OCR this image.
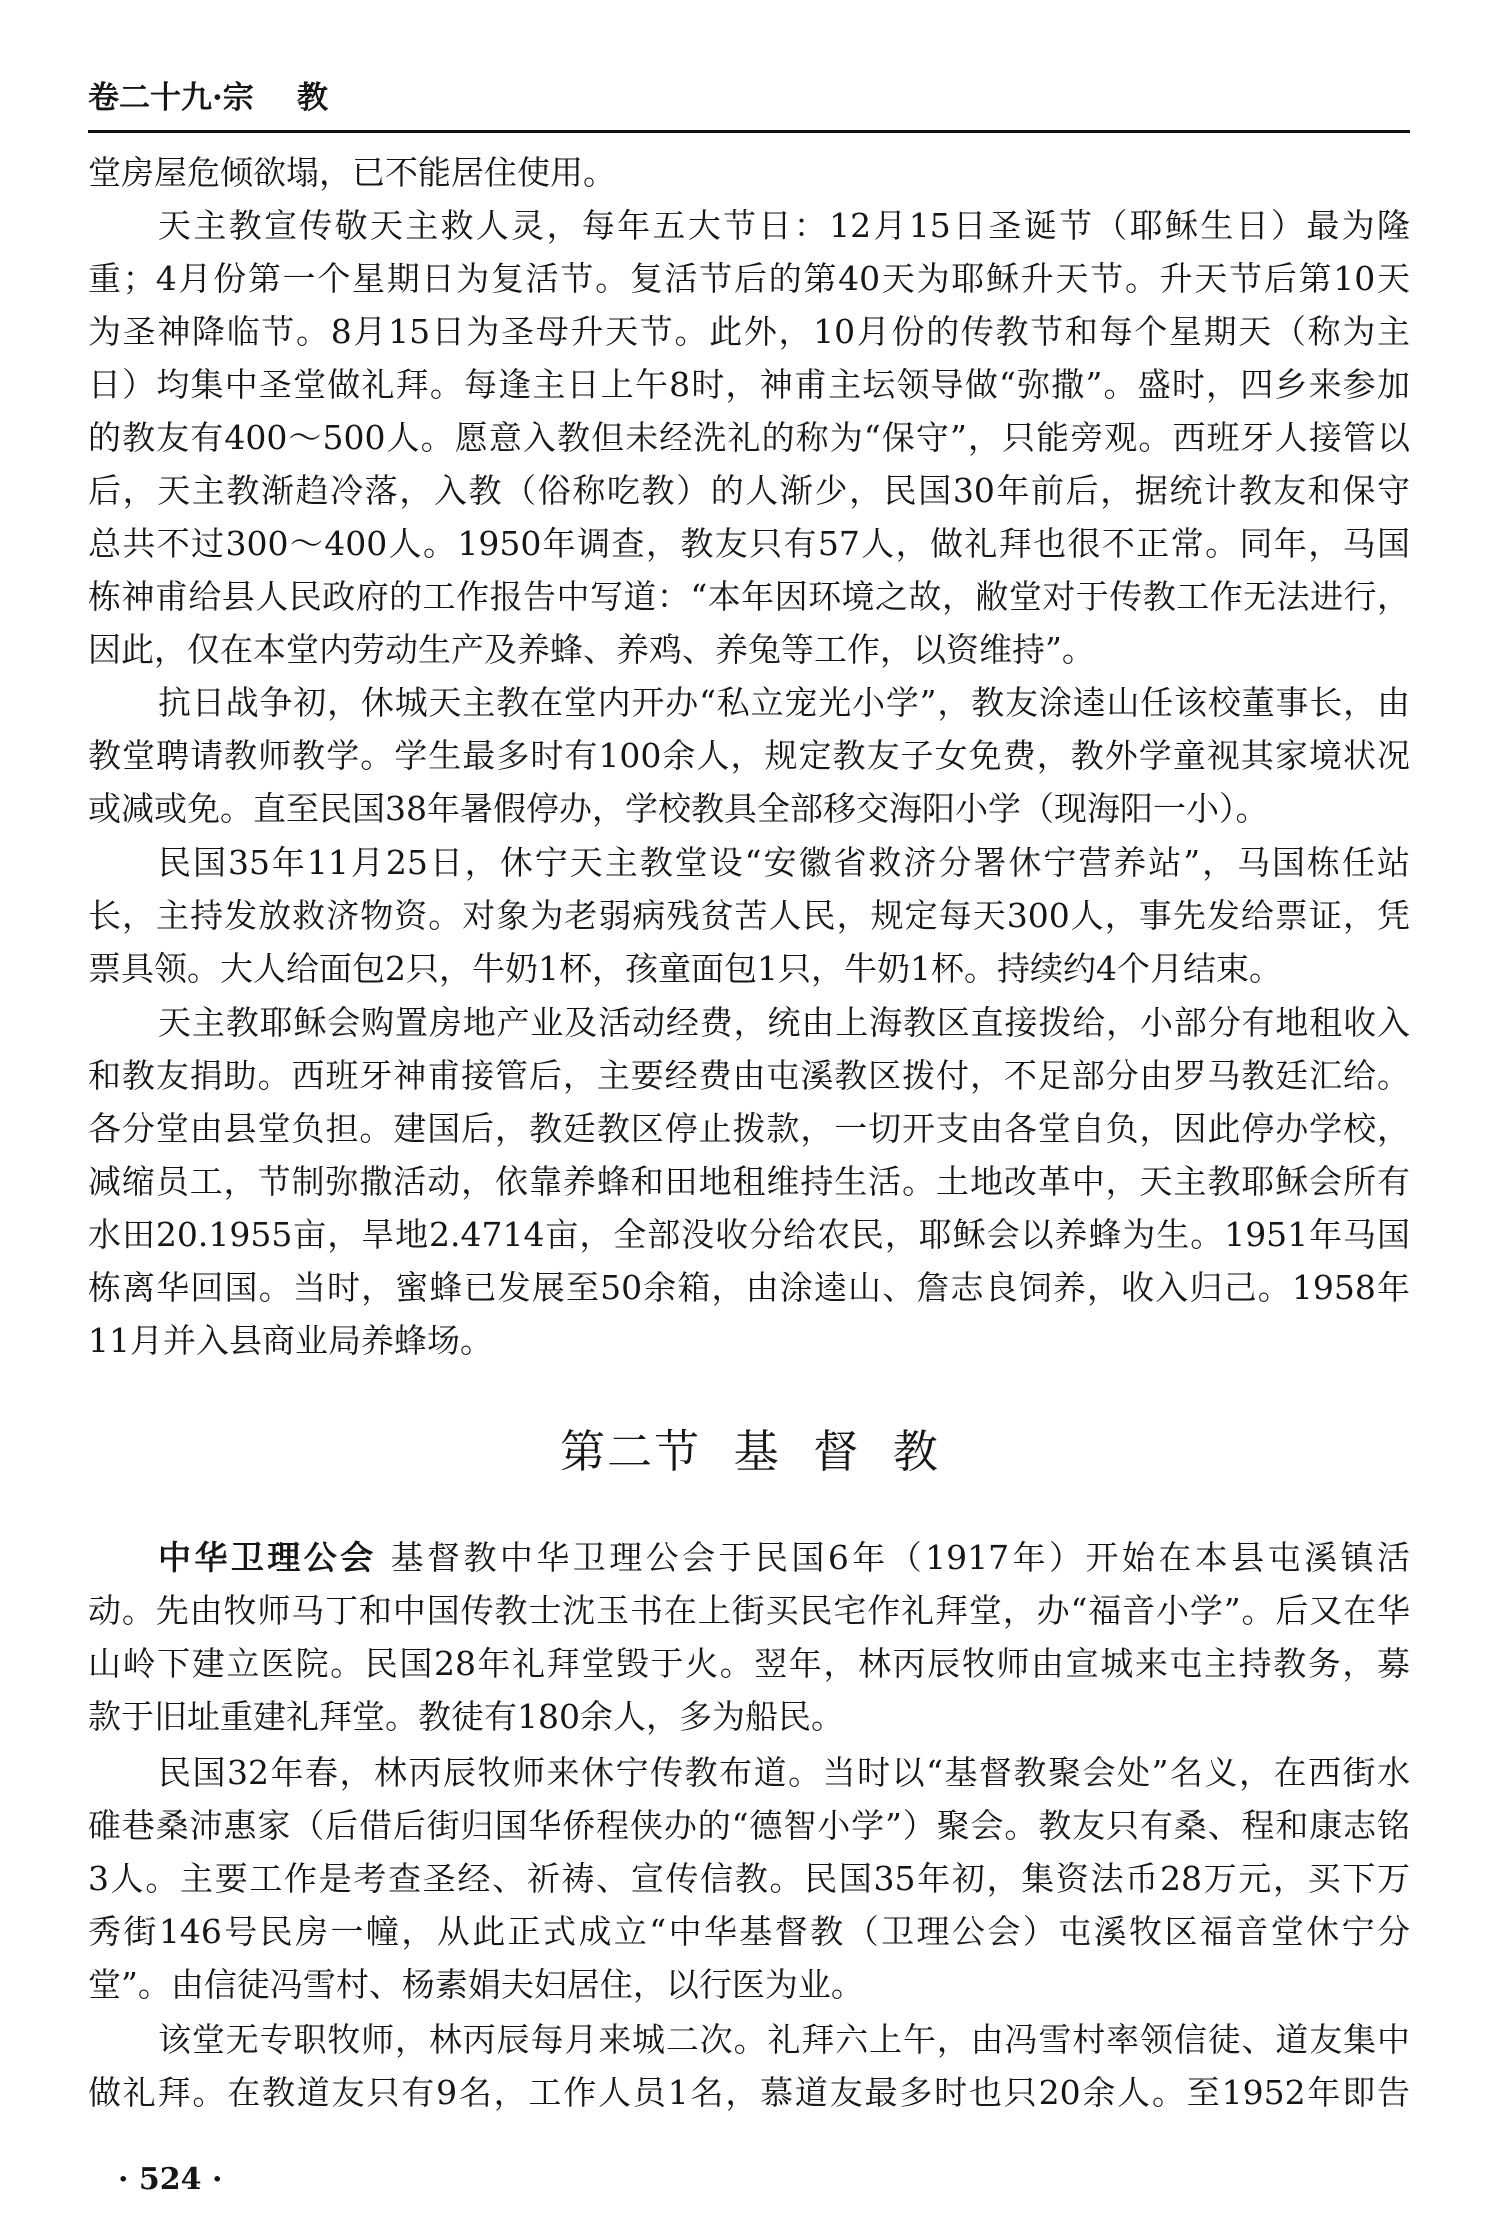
卷二十九·宗    教
堂房屋危倾欲塌，已不能居住使用。
天主教宣传敬天主救人灵，每年五大节日：12月15日圣诞节（耶稣生日）最为隆
重；4月份第一个星期日为复活节。复活节后的第40天为耶稣升天节。升天节后第10天
为圣神降临节。8月15日为圣母升天节。此外，10月份的传教节和每个星期天（称为主
日）均集中圣堂做礼拜。每逢主日上午8时，神甫主坛领导做“弥撒”。盛时，四乡来参加
的教友有400～500人。愿意入教但未经洗礼的称为“保守”，只能旁观。西班牙人接管以
后，天主教渐趋冷落，入教（俗称吃教）的人渐少，民国30年前后，据统计教友和保守
总共不过300～400人。1950年调查，教友只有57人，做礼拜也很不正常。同年，马国
栋神甫给县人民政府的工作报告中写道：“本年因环境之故，敝堂对于传教工作无法进行，
因此，仅在本堂内劳动生产及养蜂、养鸡、养兔等工作，以资维持”。
抗日战争初，休城天主教在堂内开办“私立宠光小学”，教友涂逵山任该校董事长，由
教堂聘请教师教学。学生最多时有100余人，规定教友子女免费，教外学童视其家境状况
或减或免。直至民国38年暑假停办，学校教具全部移交海阳小学（现海阳一小）。
民国35年11月25日，休宁天主教堂设“安徽省救济分署休宁营养站”，马国栋任站
长，主持发放救济物资。对象为老弱病残贫苦人民，规定每天300人，事先发给票证，凭
票具领。大人给面包2只，牛奶1杯，孩童面包1只，牛奶1杯。持续约4个月结束。
天主教耶稣会购置房地产业及活动经费，统由上海教区直接拨给，小部分有地租收入
和教友捐助。西班牙神甫接管后，主要经费由屯溪教区拨付，不足部分由罗马教廷汇给。
各分堂由县堂负担。建国后，教廷教区停止拨款，一切开支由各堂自负，因此停办学校，
减缩员工，节制弥撒活动，依靠养蜂和田地租维持生活。土地改革中，天主教耶稣会所有
水田20.1955亩，旱地2.4714亩，全部没收分给农民，耶稣会以养蜂为生。1951年马国
栋离华回国。当时，蜜蜂已发展至50余箱，由涂逵山、詹志良饲养，收入归己。1958年
11月并入县商业局养蜂场。
第二节  基  督  教
中华卫理公会 基督教中华卫理公会于民国6年（1917年）开始在本县屯溪镇活
动。先由牧师马丁和中国传教士沈玉书在上街买民宅作礼拜堂，办“福音小学”。后又在华
山岭下建立医院。民国28年礼拜堂毁于火。翌年，林丙辰牧师由宣城来屯主持教务，募
款于旧址重建礼拜堂。教徒有180余人，多为船民。
民国32年春，林丙辰牧师来休宁传教布道。当时以“基督教聚会处”名义，在西街水
碓巷桑沛惠家（后借后街归国华侨程侠办的“德智小学”）聚会。教友只有桑、程和康志铭
3人。主要工作是考查圣经、祈祷、宣传信教。民国35年初，集资法币28万元，买下万
秀街146号民房一幢，从此正式成立“中华基督教（卫理公会）屯溪牧区福音堂休宁分
堂”。由信徒冯雪村、杨素娟夫妇居住，以行医为业。
该堂无专职牧师，林丙辰每月来城二次。礼拜六上午，由冯雪村率领信徒、道友集中
做礼拜。在教道友只有9名，工作人员1名，慕道友最多时也只20余人。至1952年即告
· 524 ·
